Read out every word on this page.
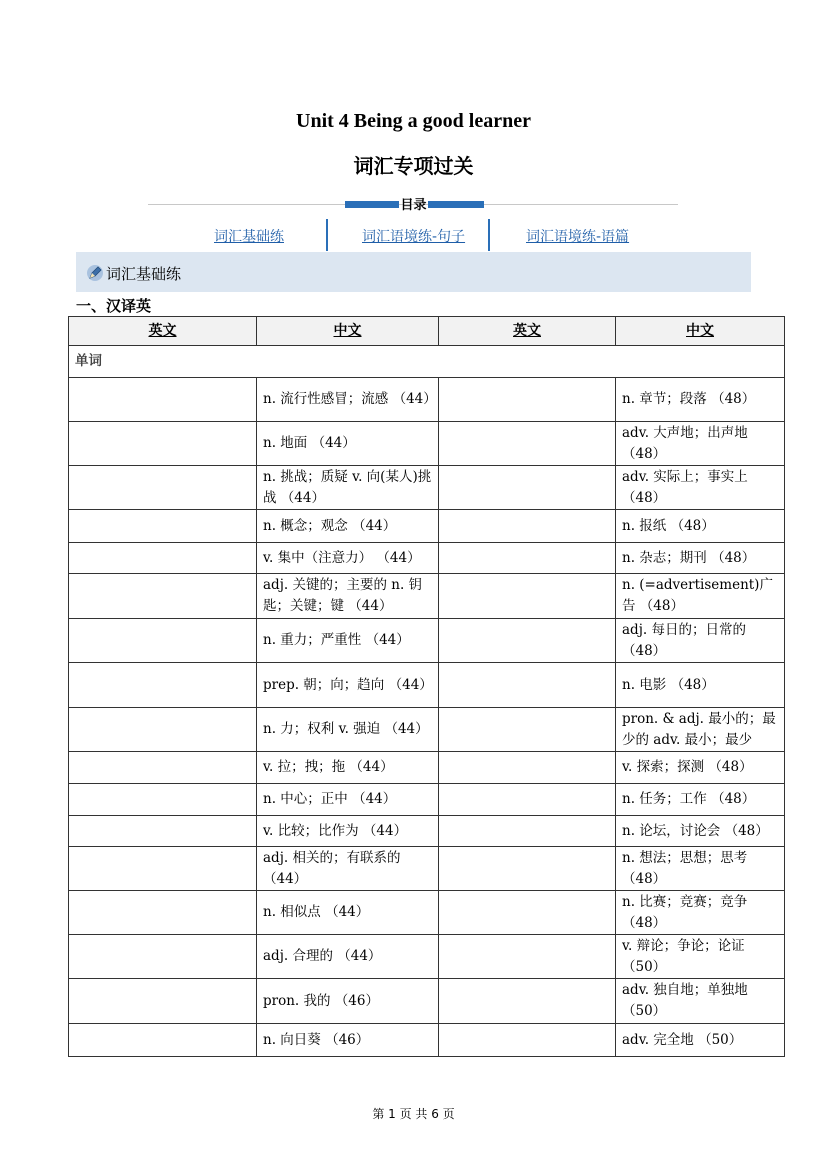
Unit 4 Being a good learner
词汇专项过关
目录
词汇基础练	词汇语境练-句子	词汇语境练-语篇
词汇基础练
一、汉译英
英文	中文	英文	中文
单词			
	n. 流行性感冒；流感 （44）		n. 章节；段落 （48）
	n. 地面 （44）		adv. 大声地；出声地 （48）
	n. 挑战；质疑 v. 向(某人)挑战 （44）		adv. 实际上；事实上 （48）
	n. 概念；观念 （44）		n. 报纸 （48）
	v. 集中（注意力） （44）		n. 杂志；期刊 （48）
	adj. 关键的；主要的 n. 钥匙；关键；键 （44）		n. (=advertisement)广告 （48）
	n. 重力；严重性 （44）		adj. 每日的；日常的 （48）
	prep. 朝；向；趋向 （44）		n. 电影 （48）
	n. 力；权利 v. 强迫 （44）		pron. & adj. 最小的；最少的 adv. 最小；最少
	v. 拉；拽；拖 （44）		v. 探索；探测 （48）
	n. 中心；正中 （44）		n. 任务；工作 （48）
	v. 比较；比作为 （44）		n. 论坛，讨论会 （48）
	adj. 相关的；有联系的 （44）		n. 想法；思想；思考 （48）
	n. 相似点 （44）		n. 比赛；竞赛；竞争 （48）
	adj. 合理的 （44）		v. 辩论；争论；论证 （50）
	pron. 我的 （46）		adv. 独自地；单独地 （50）
	n. 向日葵 （46）		adv. 完全地 （50）
第 1 页 共 6 页
